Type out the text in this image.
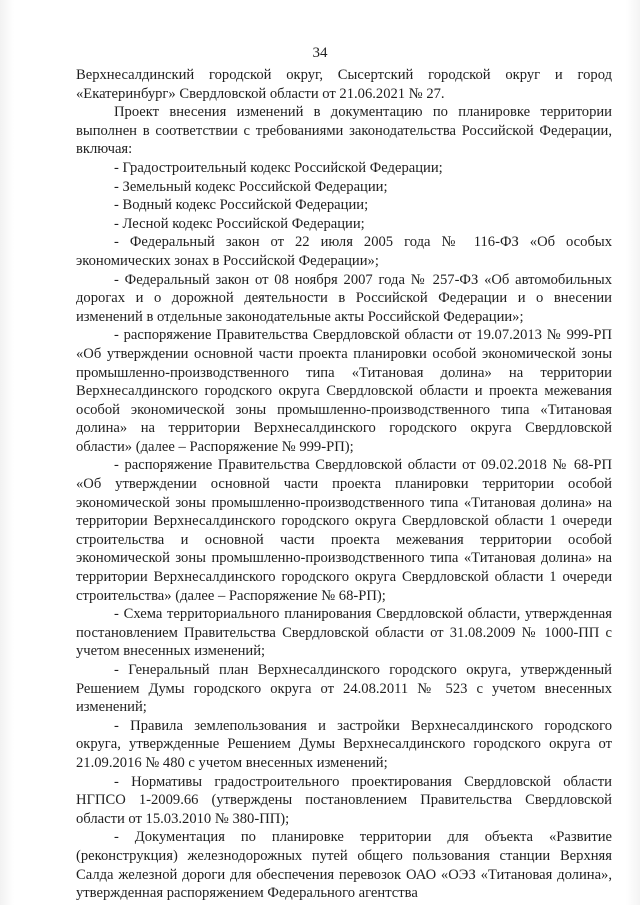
34

Верхнесалдинский городской округ, Сысертский городской округ и город «Екатеринбург» Свердловской области от 21.06.2021 № 27.

Проект внесения изменений в документацию по планировке территории выполнен в соответствии с требованиями законодательства Российской Федерации, включая:

- Градостроительный кодекс Российской Федерации;

- Земельный кодекс Российской Федерации;

- Водный кодекс Российской Федерации;

- Лесной кодекс Российской Федерации;

- Федеральный закон от 22 июля 2005 года № 116-ФЗ «Об особых экономических зонах в Российской Федерации»;

- Федеральный закон от 08 ноября 2007 года № 257-ФЗ «Об автомобильных дорогах и о дорожной деятельности в Российской Федерации и о внесении изменений в отдельные законодательные акты Российской Федерации»;

- распоряжение Правительства Свердловской области от 19.07.2013 № 999-РП «Об утверждении основной части проекта планировки особой экономической зоны промышленно-производственного типа «Титановая долина» на территории Верхнесалдинского городского округа Свердловской области и проекта межевания особой экономической зоны промышленно-производственного типа «Титановая долина» на территории Верхнесалдинского городского округа Свердловской области» (далее – Распоряжение № 999-РП);

- распоряжение Правительства Свердловской области от 09.02.2018 № 68-РП «Об утверждении основной части проекта планировки территории особой экономической зоны промышленно-производственного типа «Титановая долина» на территории Верхнесалдинского городского округа Свердловской области 1 очереди строительства и основной части проекта межевания территории особой экономической зоны промышленно-производственного типа «Титановая долина» на территории Верхнесалдинского городского округа Свердловской области 1 очереди строительства» (далее – Распоряжение № 68-РП);

- Схема территориального планирования Свердловской области, утвержденная постановлением Правительства Свердловской области от 31.08.2009 № 1000-ПП с учетом внесенных изменений;

- Генеральный план Верхнесалдинского городского округа, утвержденный Решением Думы городского округа от 24.08.2011 № 523 с учетом внесенных изменений;

- Правила землепользования и застройки Верхнесалдинского городского округа, утвержденные Решением Думы Верхнесалдинского городского округа от 21.09.2016 № 480 с учетом внесенных изменений;

- Нормативы градостроительного проектирования Свердловской области НГПСО 1-2009.66 (утверждены постановлением Правительства Свердловской области от 15.03.2010 № 380-ПП);

- Документация по планировке территории для объекта «Развитие (реконструкция) железнодорожных путей общего пользования станции Верхняя Салда железной дороги для обеспечения перевозок ОАО «ОЭЗ «Титановая долина», утвержденная распоряжением Федерального агентства
